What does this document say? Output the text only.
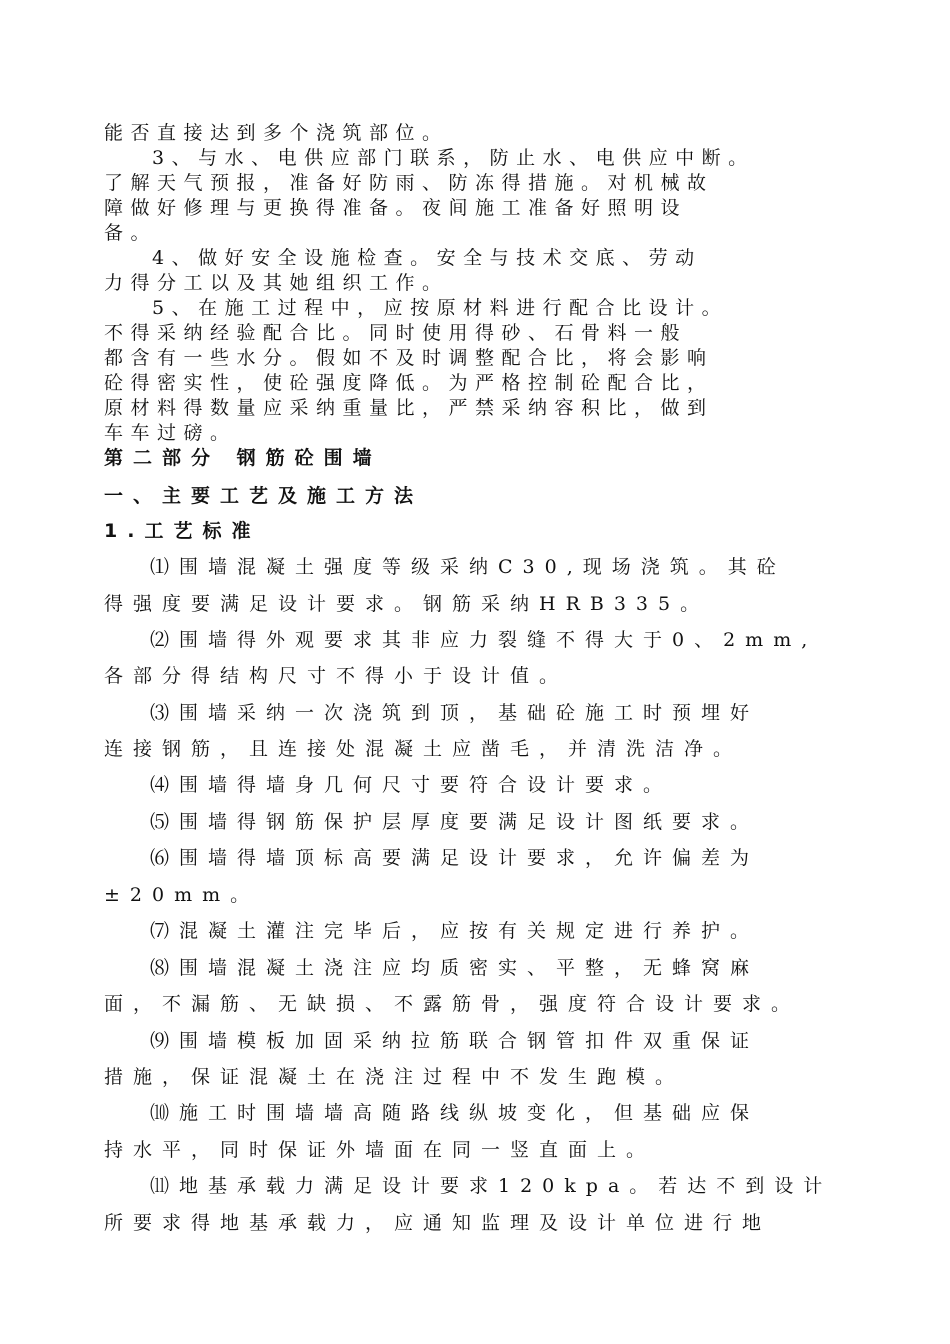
能否直接达到多个浇筑部位。
3、与水、电供应部门联系，防止水、电供应中断。
了解天气预报，准备好防雨、防冻得措施。对机械故
障做好修理与更换得准备。夜间施工准备好照明设
备。
4、做好安全设施检查。安全与技术交底、劳动
力得分工以及其她组织工作。
5、在施工过程中，应按原材料进行配合比设计。
不得采纳经验配合比。同时使用得砂、石骨料一般
都含有一些水分。假如不及时调整配合比，将会影响
砼得密实性，使砼强度降低。为严格控制砼配合比，
原材料得数量应采纳重量比，严禁采纳容积比，做到
车车过磅。
第二部分 钢筋砼围墙
一、主要工艺及施工方法
1.工艺标准
⑴围墙混凝土强度等级采纳C30,现场浇筑。其砼
得强度要满足设计要求。钢筋采纳HRB335。
⑵围墙得外观要求其非应力裂缝不得大于0、2mm,
各部分得结构尺寸不得小于设计值。
⑶围墙采纳一次浇筑到顶，基础砼施工时预埋好
连接钢筋，且连接处混凝土应凿毛，并清洗洁净。
⑷围墙得墙身几何尺寸要符合设计要求。
⑸围墙得钢筋保护层厚度要满足设计图纸要求。
⑹围墙得墙顶标高要满足设计要求，允许偏差为
±20mm。
⑺混凝土灌注完毕后，应按有关规定进行养护。
⑻围墙混凝土浇注应均质密实、平整，无蜂窝麻
面，不漏筋、无缺损、不露筋骨，强度符合设计要求。
⑼围墙模板加固采纳拉筋联合钢管扣件双重保证
措施，保证混凝土在浇注过程中不发生跑模。
⑽施工时围墙墙高随路线纵坡变化，但基础应保
持水平，同时保证外墙面在同一竖直面上。
⑾地基承载力满足设计要求120kpa。若达不到设计
所要求得地基承载力，应通知监理及设计单位进行地
